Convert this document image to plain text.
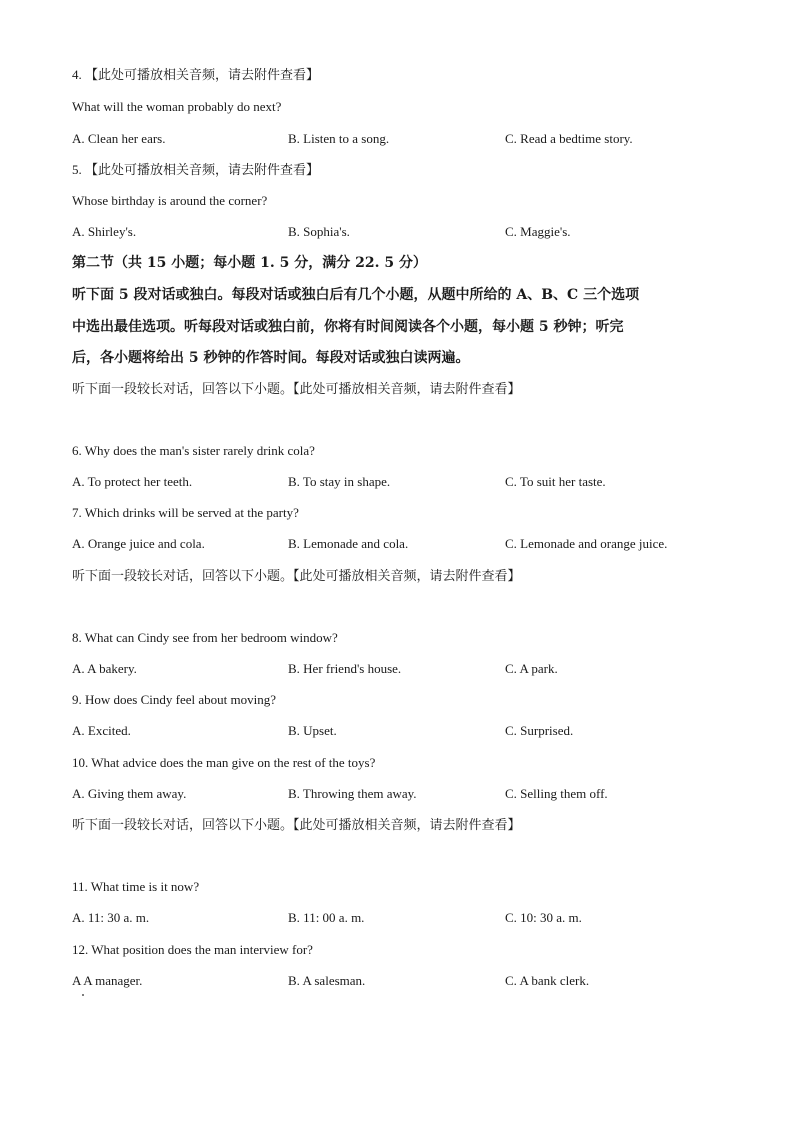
4. 【此处可播放相关音频，请去附件查看】
What will the woman probably do next?
A. Clean her ears.	B. Listen to a song.	C. Read a bedtime story.
5. 【此处可播放相关音频，请去附件查看】
Whose birthday is around the corner?
A. Shirley's.	B. Sophia's.	C. Maggie's.
第二节（共 15 小题；每小题 1. 5 分，满分 22. 5 分）
听下面 5 段对话或独白。每段对话或独白后有几个小题，从题中所给的 A、B、C 三个选项
中选出最佳选项。听每段对话或独白前，你将有时间阅读各个小题，每小题 5 秒钟；听完
后，各小题将给出 5 秒钟的作答时间。每段对话或独白读两遍。
听下面一段较长对话，回答以下小题。【此处可播放相关音频，请去附件查看】
6. Why does the man's sister rarely drink cola?
A. To protect her teeth.	B. To stay in shape.	C. To suit her taste.
7. Which drinks will be served at the party?
A. Orange juice and cola.	B. Lemonade and cola.	C. Lemonade and orange juice.
听下面一段较长对话，回答以下小题。【此处可播放相关音频，请去附件查看】
8. What can Cindy see from her bedroom window?
A. A bakery.	B. Her friend's house.	C. A park.
9. How does Cindy feel about moving?
A. Excited.	B. Upset.	C. Surprised.
10. What advice does the man give on the rest of the toys?
A. Giving them away.	B. Throwing them away.	C. Selling them off.
听下面一段较长对话，回答以下小题。【此处可播放相关音频，请去附件查看】
11. What time is it now?
A. 11: 30 a. m.	B. 11: 00 a. m.	C. 10: 30 a. m.
12. What position does the man interview for?
A A manager.	B. A salesman.	C. A bank clerk.
